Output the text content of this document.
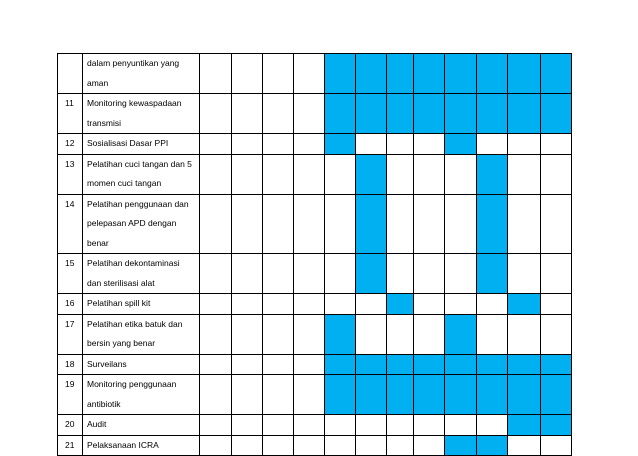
	dalam penyuntikan yang
aman												

11	Monitoring kewaspadaan
transmisi												

12	Sosialisasi Dasar PPI												

13	Pelatihan cuci tangan dan 5
momen cuci tangan												

14	Pelatihan penggunaan dan
pelepasan APD dengan
benar												

15	Pelatihan dekontaminasi
dan sterilisasi alat												

16	Pelatihan spill kit												

17	Pelatihan etika batuk dan
bersin yang benar												

18	Surveilans												

19	Monitoring penggunaan
antibiotik												

20	Audit												

21	Pelaksanaan ICRA												
